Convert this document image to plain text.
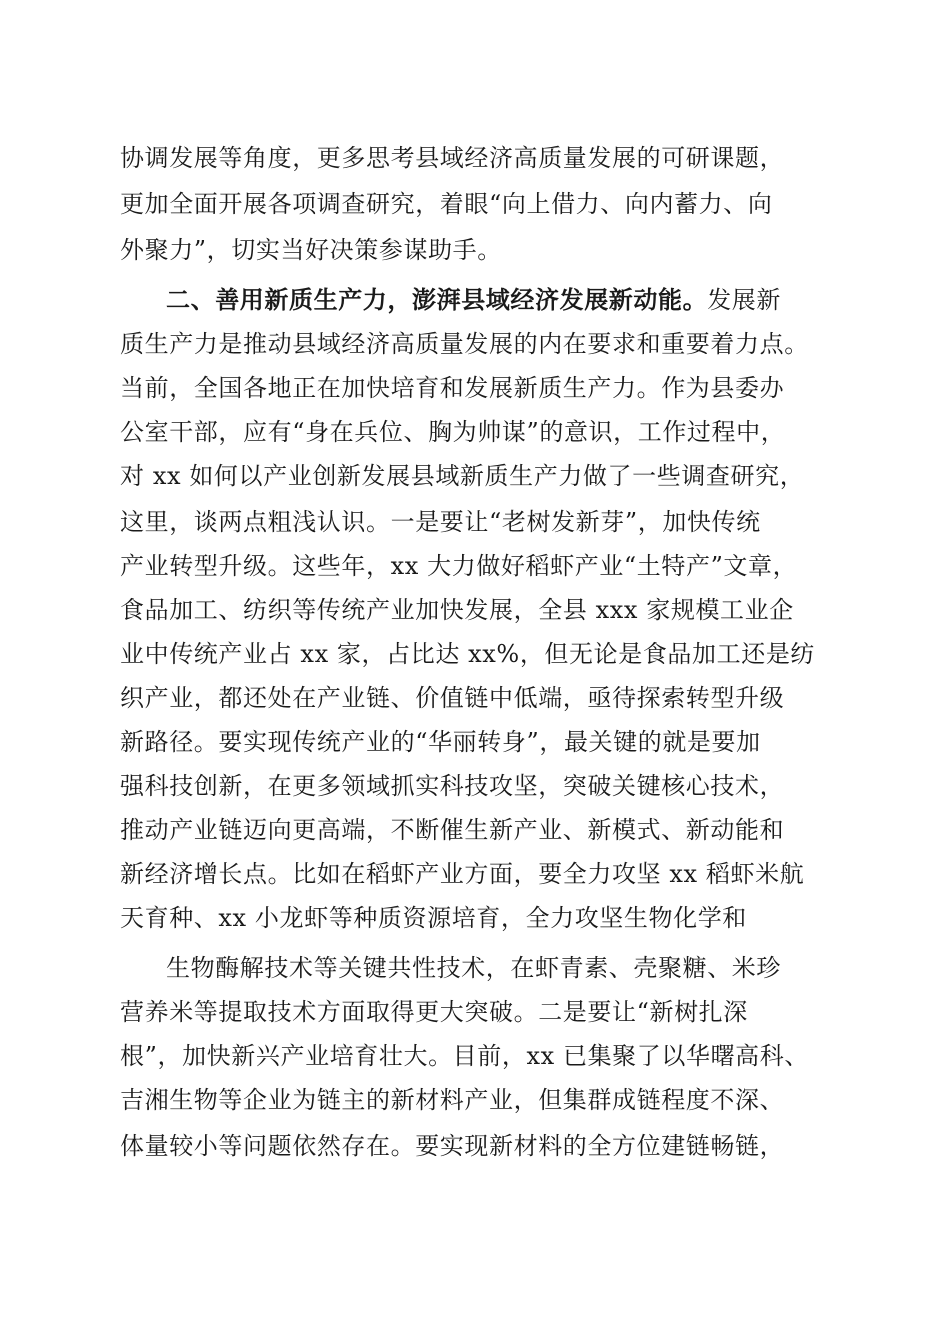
协调发展等角度，更多思考县域经济高质量发展的可研课题，
更加全面开展各项调查研究，着眼“向上借力、向内蓄力、向
外聚力”，切实当好决策参谋助手。
二、善用新质生产力，澎湃县域经济发展新动能。发展新
质生产力是推动县域经济高质量发展的内在要求和重要着力点。
当前，全国各地正在加快培育和发展新质生产力。作为县委办
公室干部，应有“身在兵位、胸为帅谋”的意识，工作过程中，
对 xx 如何以产业创新发展县域新质生产力做了一些调查研究，
这里，谈两点粗浅认识。一是要让“老树发新芽”，加快传统
产业转型升级。这些年，xx 大力做好稻虾产业“土特产”文章，
食品加工、纺织等传统产业加快发展，全县 xxx 家规模工业企
业中传统产业占 xx 家，占比达 xx%，但无论是食品加工还是纺
织产业，都还处在产业链、价值链中低端，亟待探索转型升级
新路径。要实现传统产业的“华丽转身”，最关键的就是要加
强科技创新，在更多领域抓实科技攻坚，突破关键核心技术，
推动产业链迈向更高端，不断催生新产业、新模式、新动能和
新经济增长点。比如在稻虾产业方面，要全力攻坚 xx 稻虾米航
天育种、xx 小龙虾等种质资源培育，全力攻坚生物化学和
生物酶解技术等关键共性技术，在虾青素、壳聚糖、米珍
营养米等提取技术方面取得更大突破。二是要让“新树扎深
根”，加快新兴产业培育壮大。目前，xx 已集聚了以华曙高科、
吉湘生物等企业为链主的新材料产业，但集群成链程度不深、
体量较小等问题依然存在。要实现新材料的全方位建链畅链，
